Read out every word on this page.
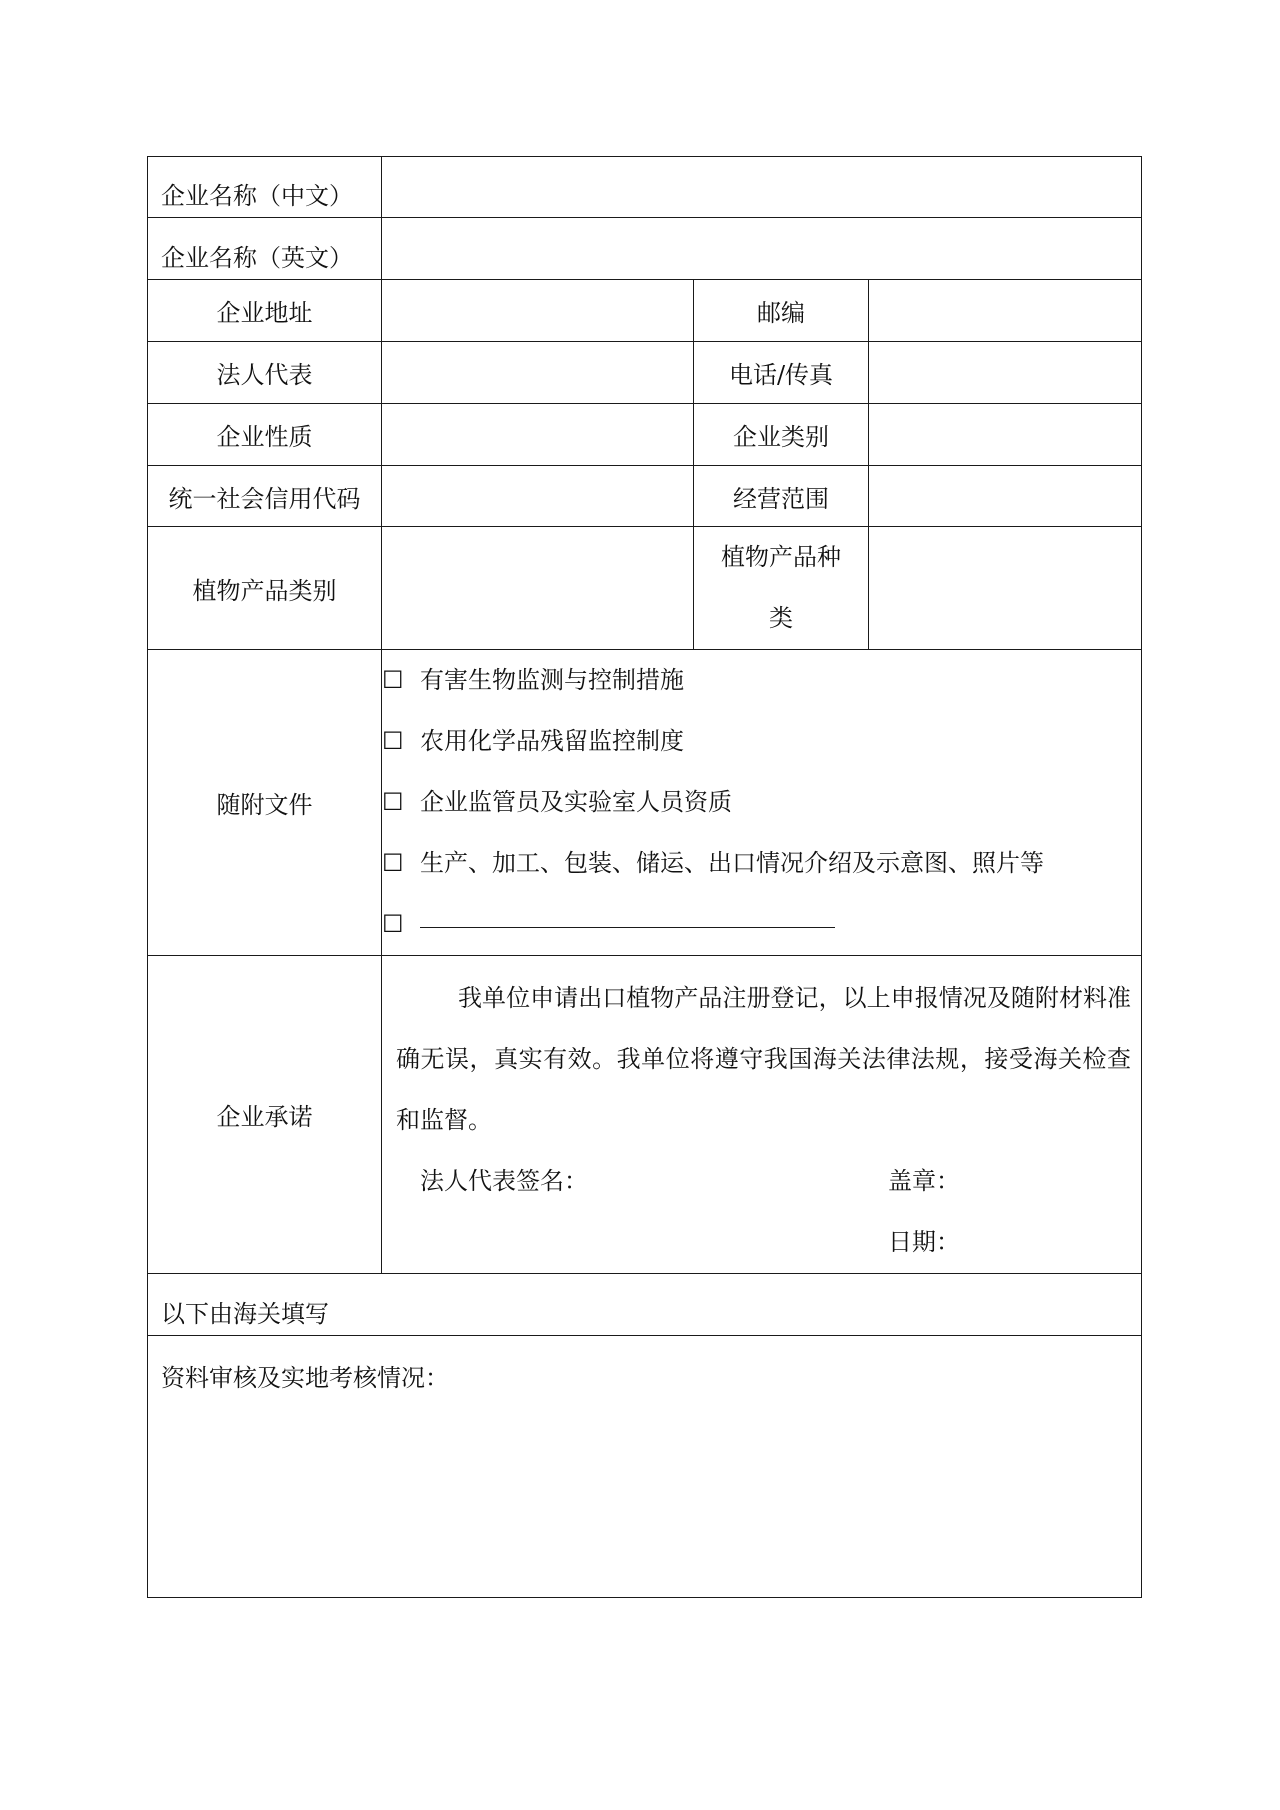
企业名称（中文）			
企业名称（英文）			
企业地址		邮编	
法人代表		电话/传真	
企业性质		企业类别	
统一社会信用代码		经营范围	
植物产品类别		植物产品种
类	

随附文件	☐ 有害生物监测与控制措施
☐ 农用化学品残留监控制度
☐ 企业监管员及实验室人员资质
☐ 生产、加工、包装、储运、出口情况介绍及示意图、照片等
☐		

企业承诺	我单位申请出口植物产品注册登记，以上申报情况及随附材料准确无误，真实有效。我单位将遵守我国海关法律法规，接受海关检查和监督。

法人代表签名： 盖章：
日期：		

以下由海关填写			
资料审核及实地考核情况：			
